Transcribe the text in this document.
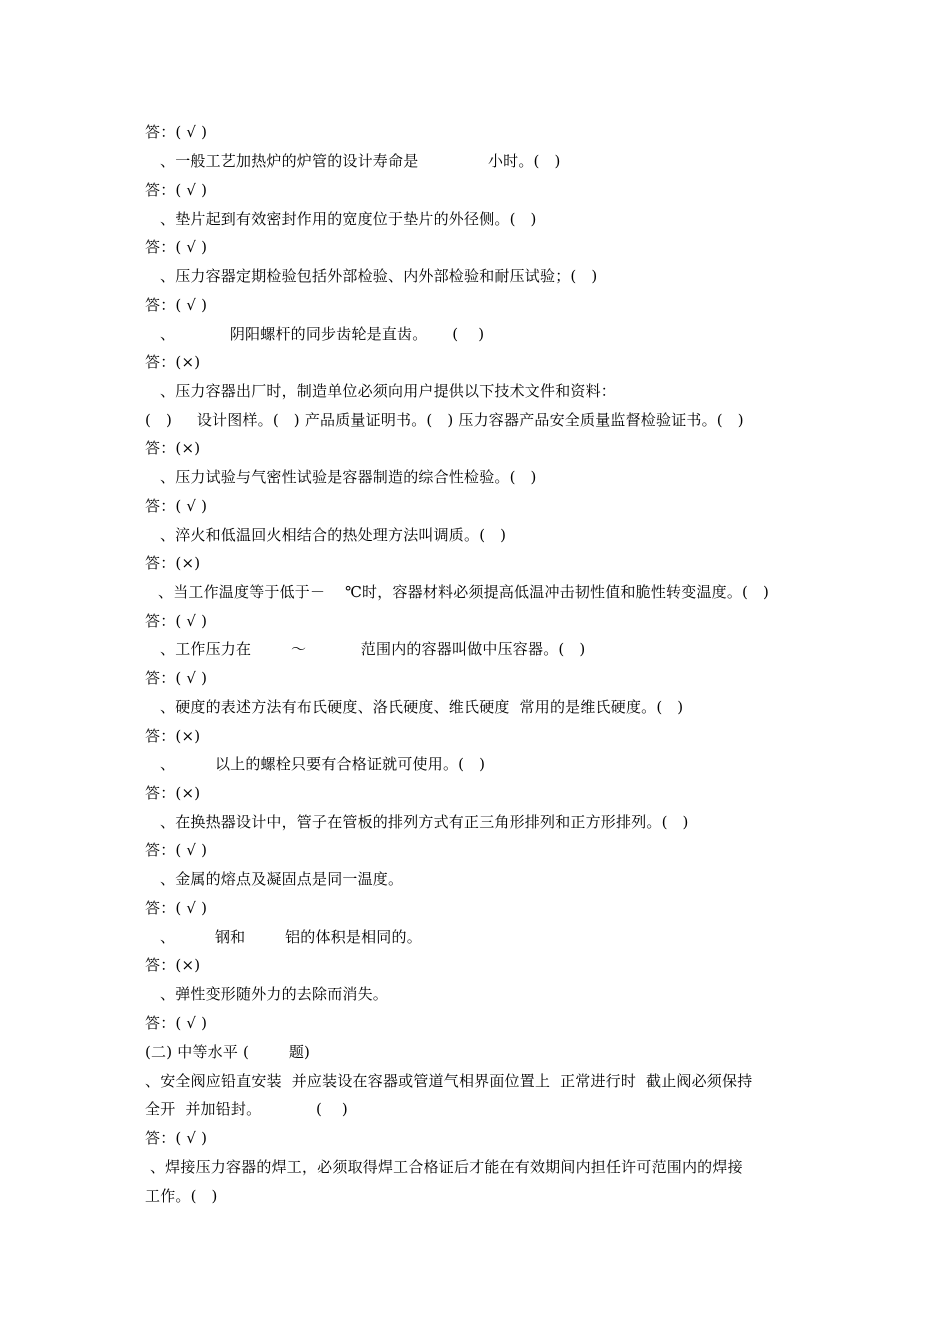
答：( √ )
、一般工艺加热炉的炉管的设计寿命是              小时。(   )
答：( √ )
、垫片起到有效密封作用的宽度位于垫片的外径侧。(   )
答：( √ )
、压力容器定期检验包括外部检验、内外部检验和耐压试验；(   )
答：( √ )
、           阴阳螺杆的同步齿轮是直齿。     (    )
答：(×)
、压力容器出厂时，制造单位必须向用户提供以下技术文件和资料：
(   )     设计图样。(   ) 产品质量证明书。(   ) 压力容器产品安全质量监督检验证书。(   )
答：(×)
、压力试验与气密性试验是容器制造的综合性检验。(   )
答：( √ )
、淬火和低温回火相结合的热处理方法叫调质。(   )
答：(×)
、当工作温度等于低于－    ℃时，容器材料必须提高低温冲击韧性值和脆性转变温度。(   )
答：( √ )
、工作压力在        ～           范围内的容器叫做中压容器。(   )
答：( √ )
、硬度的表述方法有布氏硬度、洛氏硬度、维氏硬度  常用的是维氏硬度。(   )
答：(×)
、        以上的螺栓只要有合格证就可使用。(   )
答：(×)
、在换热器设计中，管子在管板的排列方式有正三角形排列和正方形排列。(   )
答：( √ )
、金属的熔点及凝固点是同一温度。
答：( √ )
、        钢和        铝的体积是相同的。
答：(×)
、弹性变形随外力的去除而消失。
答：( √ )
(二) 中等水平 (        题)
、安全阀应铅直安装  并应装设在容器或管道气相界面位置上  正常进行时  截止阀必须保持
全开  并加铅封。           (    )
答：( √ )
、焊接压力容器的焊工，必须取得焊工合格证后才能在有效期间内担任许可范围内的焊接
工作。(   )
